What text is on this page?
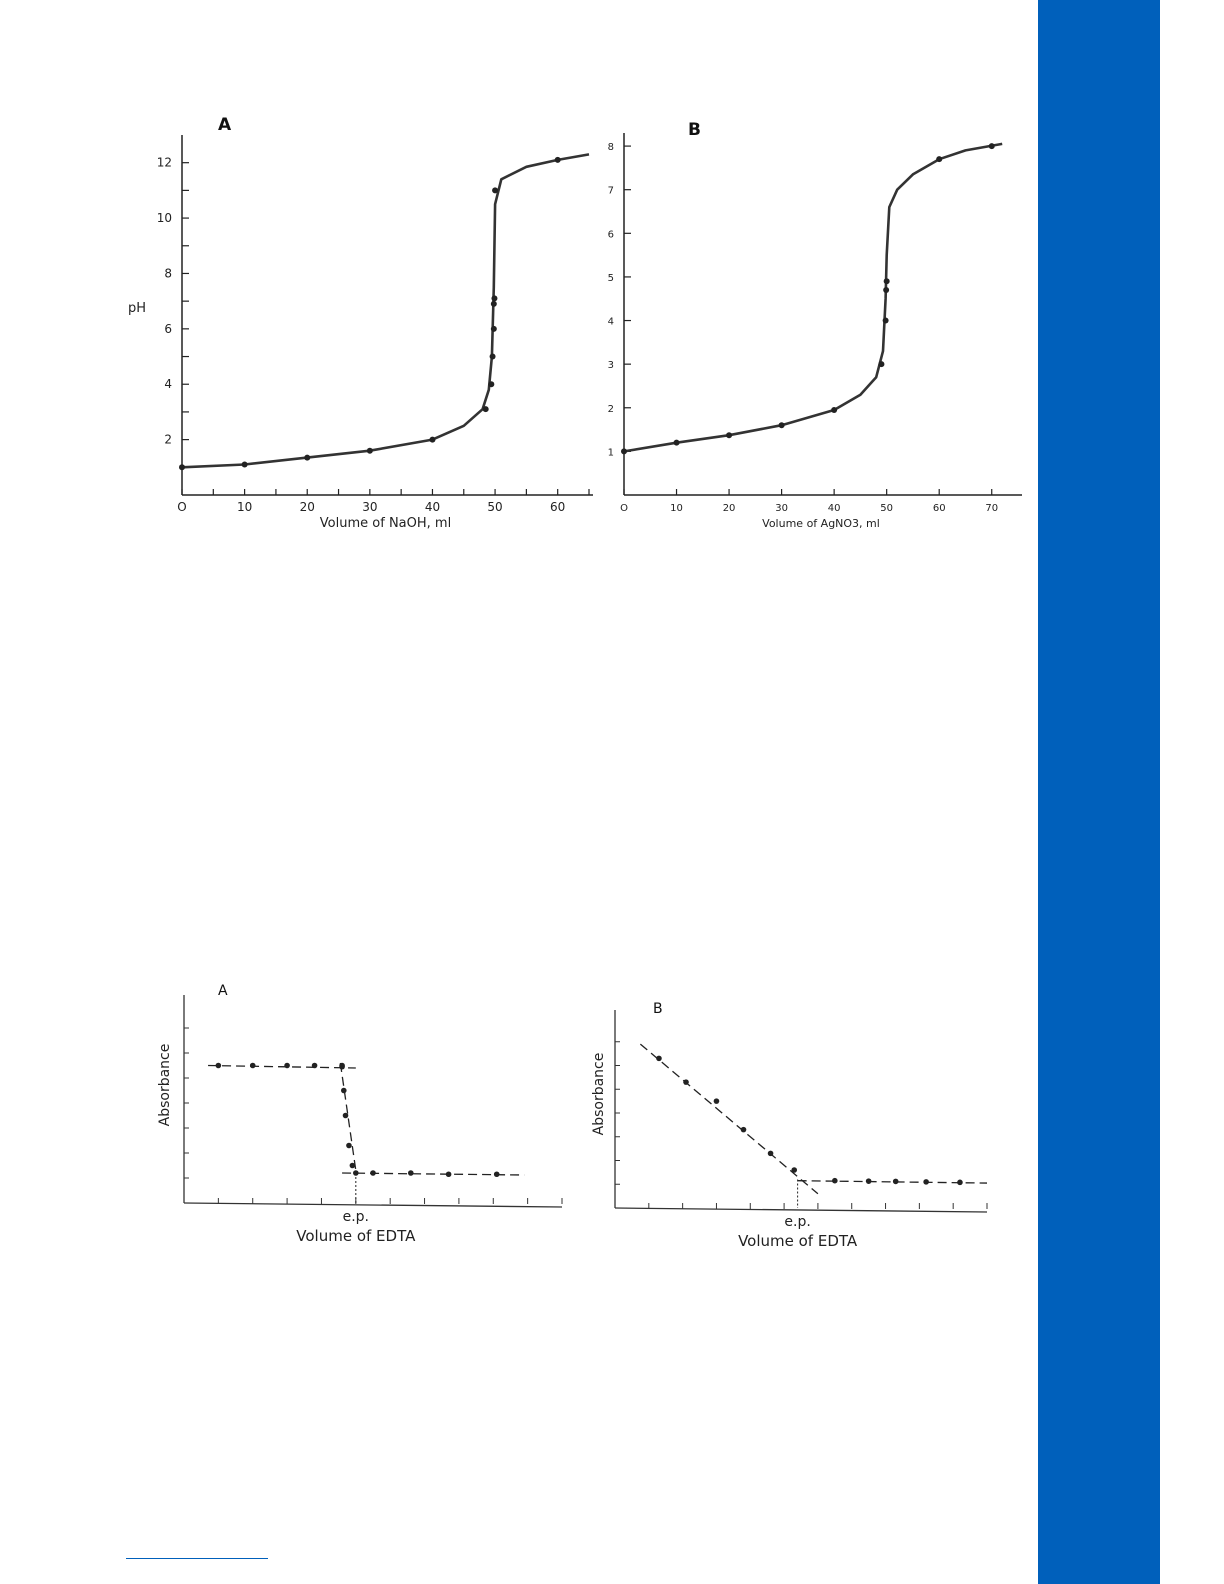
A
2
4
6
8
10
12
O	10	20	30	40	50	60
pH
Volume of NaOH, ml
B
1
2
3
4
5
6
7
8
O	10	20	30	40	50	60	70
Volume of AgNO3, ml
A
e.p.
Volume of EDTA
Absorbance
B
e.p.
Volume of EDTA
Absorbance
